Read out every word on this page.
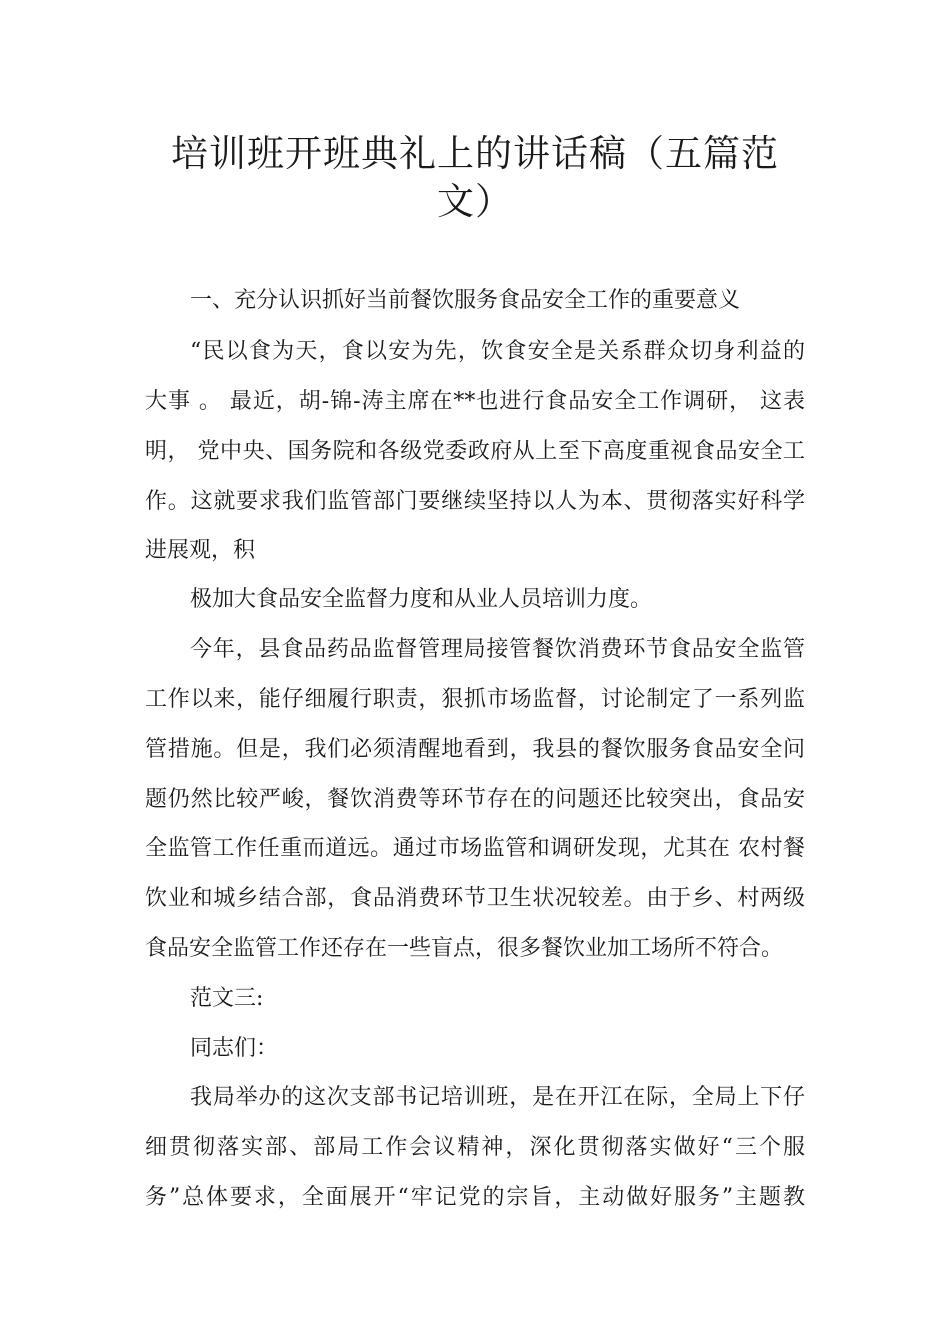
培训班开班典礼上的讲话稿（五篇范
文）
一、充分认识抓好当前餐饮服务食品安全工作的重要意义
“民以食为天，食以安为先，饮食安全是关系群众切身利益的
大事 。 最近，胡-锦-涛主席在**也进行食品安全工作调研， 这表
明， 党中央、国务院和各级党委政府从上至下高度重视食品安全工
作。这就要求我们监管部门要继续坚持以人为本、贯彻落实好科学
进展观，积
极加大食品安全监督力度和从业人员培训力度。
今年，县食品药品监督管理局接管餐饮消费环节食品安全监管
工作以来，能仔细履行职责，狠抓市场监督，讨论制定了一系列监
管措施。但是，我们必须清醒地看到，我县的餐饮服务食品安全问
题仍然比较严峻，餐饮消费等环节存在的问题还比较突出，食品安
全监管工作任重而道远。通过市场监管和调研发现，尤其在 农村餐
饮业和城乡结合部，食品消费环节卫生状况较差。由于乡、村两级
食品安全监管工作还存在一些盲点，很多餐饮业加工场所不符合。
范文三:
同志们：
我局举办的这次支部书记培训班，是在开江在际，全局上下仔
细贯彻落实部、部局工作会议精神，深化贯彻落实做好“三个服
务”总体要求，全面展开“牢记党的宗旨，主动做好服务”主题教
